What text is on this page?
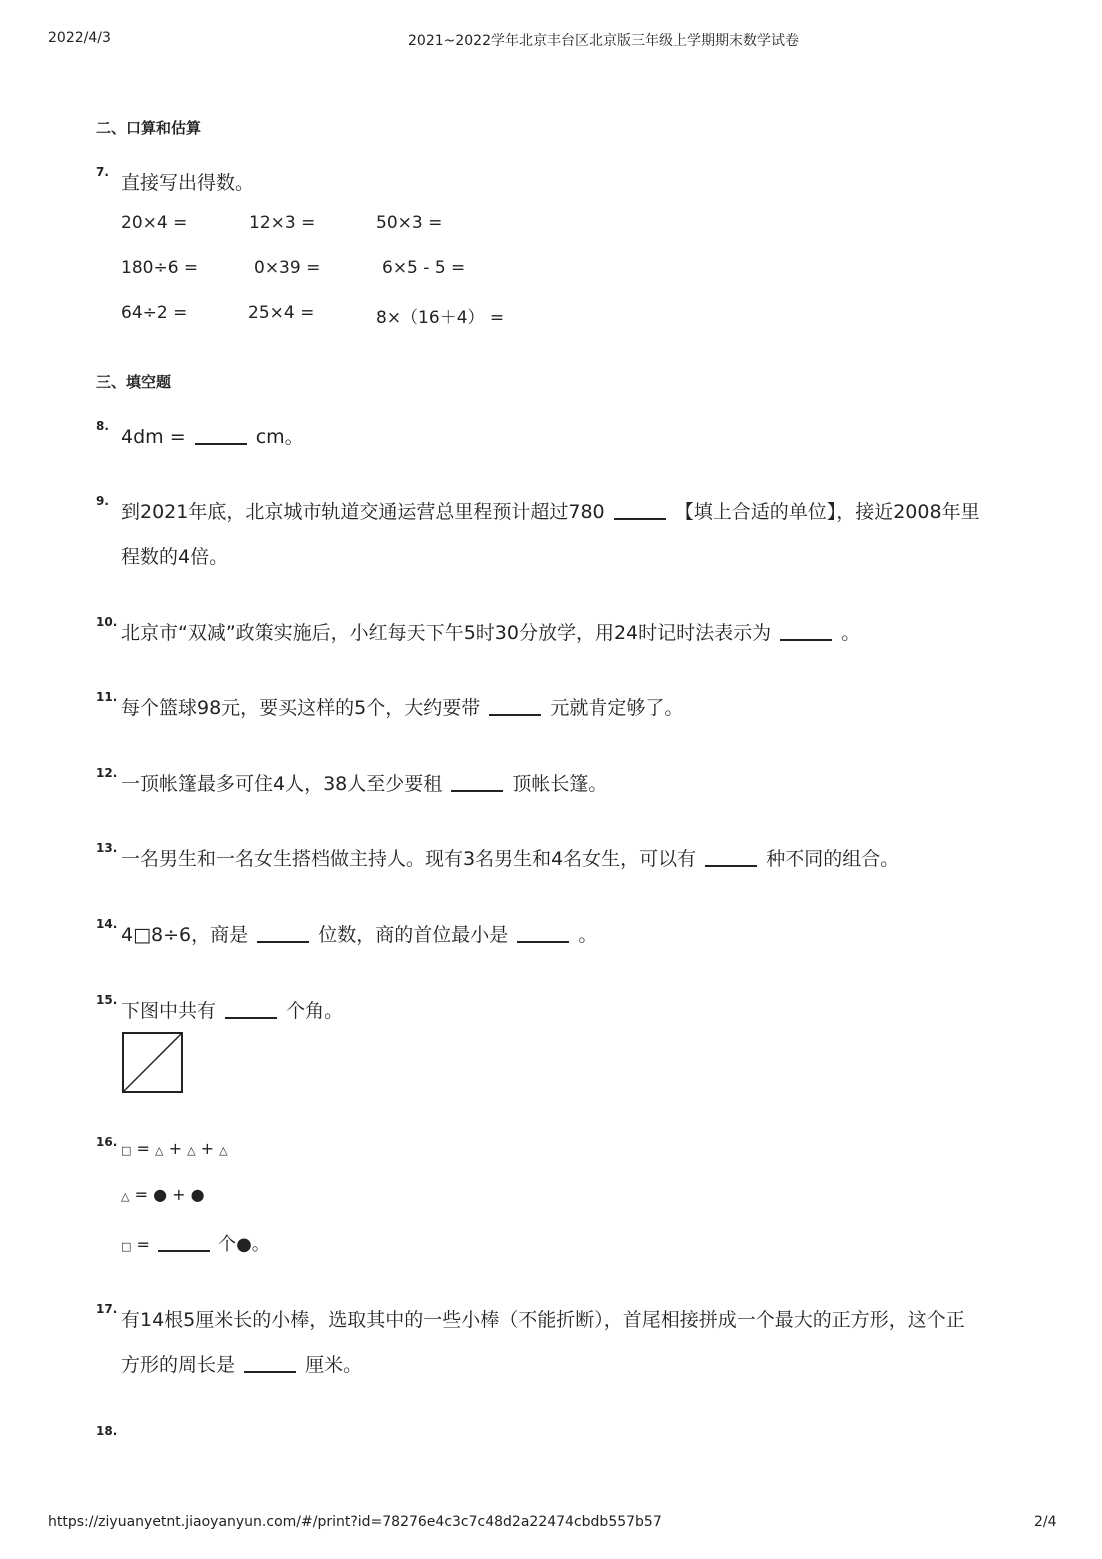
2022/4/3	2021~2022学年北京丰台区北京版三年级上学期期末数学试卷
二、口算和估算
7. 直接写出得数。
20×4 =	12×3 =	50×3 =
180÷6 =	0×39 =	6×5 - 5 =
64÷2 =	25×4 =	8×（16＋4） =
三、填空题
8. 4dm =	cm。
9. 到2021年底，北京城市轨道交通运营总里程预计超过780	【填上合适的单位】，接近2008年里
程数的4倍。
10. 北京市“双减”政策实施后，小红每天下午5时30分放学，用24时记时法表示为	。
11. 每个篮球98元，要买这样的5个，大约要带	元就肯定够了。
12. 一顶帐篷最多可住4人，38人至少要租	顶帐长篷。
13. 一名男生和一名女生搭档做主持人。现有3名男生和4名女生，可以有	种不同的组合。
14. 4□8÷6，商是	位数，商的首位最小是	。
15. 下图中共有	个角。
16.
□ = △ + △ + △
△ = ● + ●
□ =	个●。
17. 有14根5厘米长的小棒，选取其中的一些小棒（不能折断），首尾相接拼成一个最大的正方形，这个正
方形的周长是	厘米。
18.
https://ziyuanyetnt.jiaoyanyun.com/#/print?id=78276e4c3c7c48d2a22474cbdb557b57	2/4
